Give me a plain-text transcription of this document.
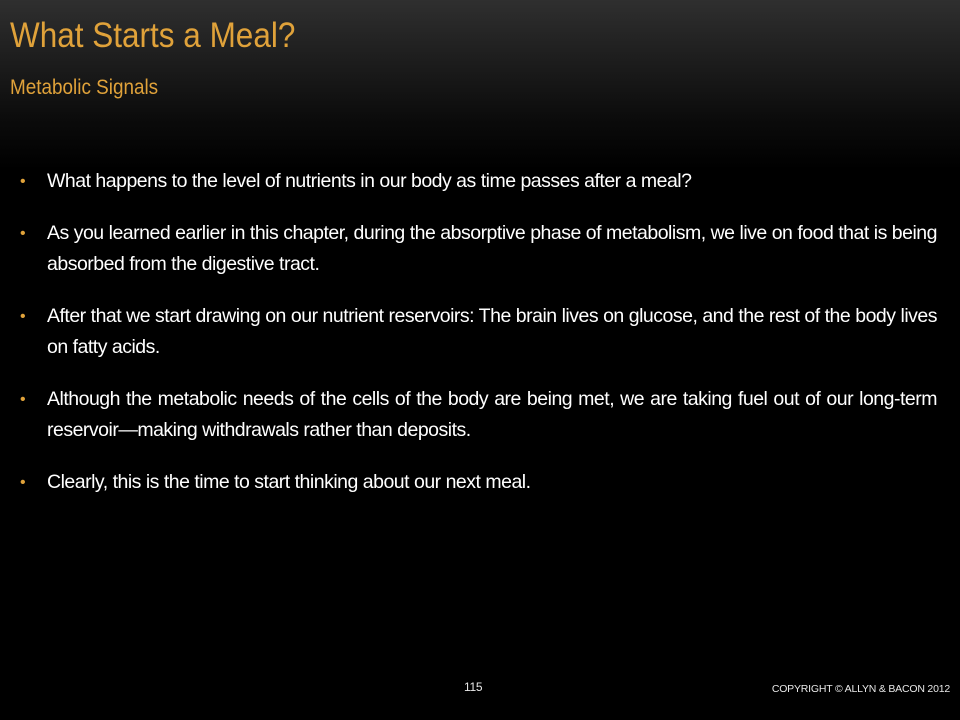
What Starts a Meal?
Metabolic Signals
• What happens to the level of nutrients in our body as time passes after a meal?
• As you learned earlier in this chapter, during the absorptive phase of metabolism, we live on food that is being absorbed from the digestive tract.
• After that we start drawing on our nutrient reservoirs: The brain lives on glucose, and the rest of the body lives on fatty acids.
• Although the metabolic needs of the cells of the body are being met, we are taking fuel out of our long-term reservoir—making withdrawals rather than deposits.
• Clearly, this is the time to start thinking about our next meal.
115	COPYRIGHT © ALLYN & BACON 2012
